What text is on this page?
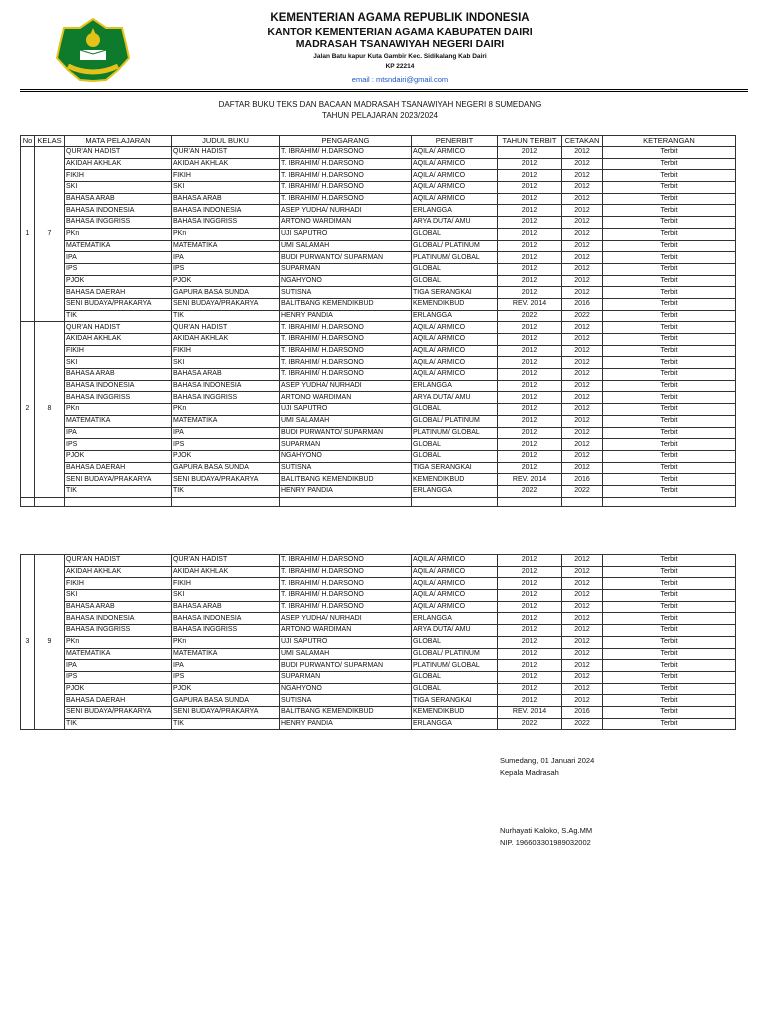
KEMENTERIAN AGAMA REPUBLIK INDONESIA
KANTOR KEMENTERIAN AGAMA KABUPATEN DAIRI
MADRASAH TSANAWIYAH NEGERI DAIRI
Jalan Batu kapur Kuta Gambir Kec. Sidikalang Kab Dairi
KP 22214
email : mtsndairi@gmail.com
DAFTAR BUKU TEKS DAN BACAAN MADRASAH TSANAWIYAH NEGERI 8 SUMEDANG
TAHUN PELAJARAN 2023/2024
No	KELAS	MATA PELAJARAN	JUDUL BUKU	PENGARANG	PENERBIT	TAHUN TERBIT	CETAKAN	KETERANGAN
1	7	QUR'AN HADIST	QUR'AN HADIST	T. IBRAHIM/ H.DARSONO	AQILA/ ARMICO	2012	2012	Terbit
		AKIDAH AKHLAK	AKIDAH AKHLAK	T. IBRAHIM/ H.DARSONO	AQILA/ ARMICO	2012	2012	Terbit
		FIKIH	FIKIH	T. IBRAHIM/ H.DARSONO	AQILA/ ARMICO	2012	2012	Terbit
		SKI	SKI	T. IBRAHIM/ H.DARSONO	AQILA/ ARMICO	2012	2012	Terbit
		BAHASA ARAB	BAHASA ARAB	T. IBRAHIM/ H.DARSONO	AQILA/ ARMICO	2012	2012	Terbit
		BAHASA INDONESIA	BAHASA INDONESIA	ASEP YUDHA/ NURHADI	ERLANGGA	2012	2012	Terbit
		BAHASA INGGRISS	BAHASA INGGRISS	ARTONO WARDIMAN	ARYA DUTA/ AMU	2012	2012	Terbit
		PKn	PKn	UJI SAPUTRO	GLOBAL	2012	2012	Terbit
		MATEMATIKA	MATEMATIKA	UMI SALAMAH	GLOBAL/ PLATINUM	2012	2012	Terbit
		IPA	IPA	BUDI PURWANTO/ SUPARMAN	PLATINUM/ GLOBAL	2012	2012	Terbit
		IPS	IPS	SUPARMAN	GLOBAL	2012	2012	Terbit
		PJOK	PJOK	NGAHYONO	GLOBAL	2012	2012	Terbit
		BAHASA DAERAH	GAPURA BASA SUNDA	SUTISNA	TIGA SERANGKAI	2012	2012	Terbit
		SENI BUDAYA/PRAKARYA	SENI BUDAYA/PRAKARYA	BALITBANG KEMENDIKBUD	KEMENDIKBUD	REV. 2014	2016	Terbit
		TIK	TIK	HENRY PANDIA	ERLANGGA	2022	2022	Terbit
2	8	QUR'AN HADIST	QUR'AN HADIST	T. IBRAHIM/ H.DARSONO	AQILA/ ARMICO	2012	2012	Terbit
		AKIDAH AKHLAK	AKIDAH AKHLAK	T. IBRAHIM/ H.DARSONO	AQILA/ ARMICO	2012	2012	Terbit
		FIKIH	FIKIH	T. IBRAHIM/ H.DARSONO	AQILA/ ARMICO	2012	2012	Terbit
		SKI	SKI	T. IBRAHIM/ H.DARSONO	AQILA/ ARMICO	2012	2012	Terbit
		BAHASA ARAB	BAHASA ARAB	T. IBRAHIM/ H.DARSONO	AQILA/ ARMICO	2012	2012	Terbit
		BAHASA INDONESIA	BAHASA INDONESIA	ASEP YUDHA/ NURHADI	ERLANGGA	2012	2012	Terbit
		BAHASA INGGRISS	BAHASA INGGRISS	ARTONO WARDIMAN	ARYA DUTA/ AMU	2012	2012	Terbit
		PKn	PKn	UJI SAPUTRO	GLOBAL	2012	2012	Terbit
		MATEMATIKA	MATEMATIKA	UMI SALAMAH	GLOBAL/ PLATINUM	2012	2012	Terbit
		IPA	IPA	BUDI PURWANTO/ SUPARMAN	PLATINUM/ GLOBAL	2012	2012	Terbit
		IPS	IPS	SUPARMAN	GLOBAL	2012	2012	Terbit
		PJOK	PJOK	NGAHYONO	GLOBAL	2012	2012	Terbit
		BAHASA DAERAH	GAPURA BASA SUNDA	SUTISNA	TIGA SERANGKAI	2012	2012	Terbit
		SENI BUDAYA/PRAKARYA	SENI BUDAYA/PRAKARYA	BALITBANG KEMENDIKBUD	KEMENDIKBUD	REV. 2014	2016	Terbit
		TIK	TIK	HENRY PANDIA	ERLANGGA	2022	2022	Terbit

3	9	QUR'AN HADIST	QUR'AN HADIST	T. IBRAHIM/ H.DARSONO	AQILA/ ARMICO	2012	2012	Terbit
		AKIDAH AKHLAK	AKIDAH AKHLAK	T. IBRAHIM/ H.DARSONO	AQILA/ ARMICO	2012	2012	Terbit
		FIKIH	FIKIH	T. IBRAHIM/ H.DARSONO	AQILA/ ARMICO	2012	2012	Terbit
		SKI	SKI	T. IBRAHIM/ H.DARSONO	AQILA/ ARMICO	2012	2012	Terbit
		BAHASA ARAB	BAHASA ARAB	T. IBRAHIM/ H.DARSONO	AQILA/ ARMICO	2012	2012	Terbit
		BAHASA INDONESIA	BAHASA INDONESIA	ASEP YUDHA/ NURHADI	ERLANGGA	2012	2012	Terbit
		BAHASA INGGRISS	BAHASA INGGRISS	ARTONO WARDIMAN	ARYA DUTA/ AMU	2012	2012	Terbit
		PKn	PKn	UJI SAPUTRO	GLOBAL	2012	2012	Terbit
		MATEMATIKA	MATEMATIKA	UMI SALAMAH	GLOBAL/ PLATINUM	2012	2012	Terbit
		IPA	IPA	BUDI PURWANTO/ SUPARMAN	PLATINUM/ GLOBAL	2012	2012	Terbit
		IPS	IPS	SUPARMAN	GLOBAL	2012	2012	Terbit
		PJOK	PJOK	NGAHYONO	GLOBAL	2012	2012	Terbit
		BAHASA DAERAH	GAPURA BASA SUNDA	SUTISNA	TIGA SERANGKAI	2012	2012	Terbit
		SENI BUDAYA/PRAKARYA	SENI BUDAYA/PRAKARYA	BALITBANG KEMENDIKBUD	KEMENDIKBUD	REV. 2014	2016	Terbit
		TIK	TIK	HENRY PANDIA	ERLANGGA	2022	2022	Terbit
Sumedang, 01 Januari 2024
Kepala Madrasah
Nurhayati Kaloko, S.Ag.MM
NIP. 196603301989032002
